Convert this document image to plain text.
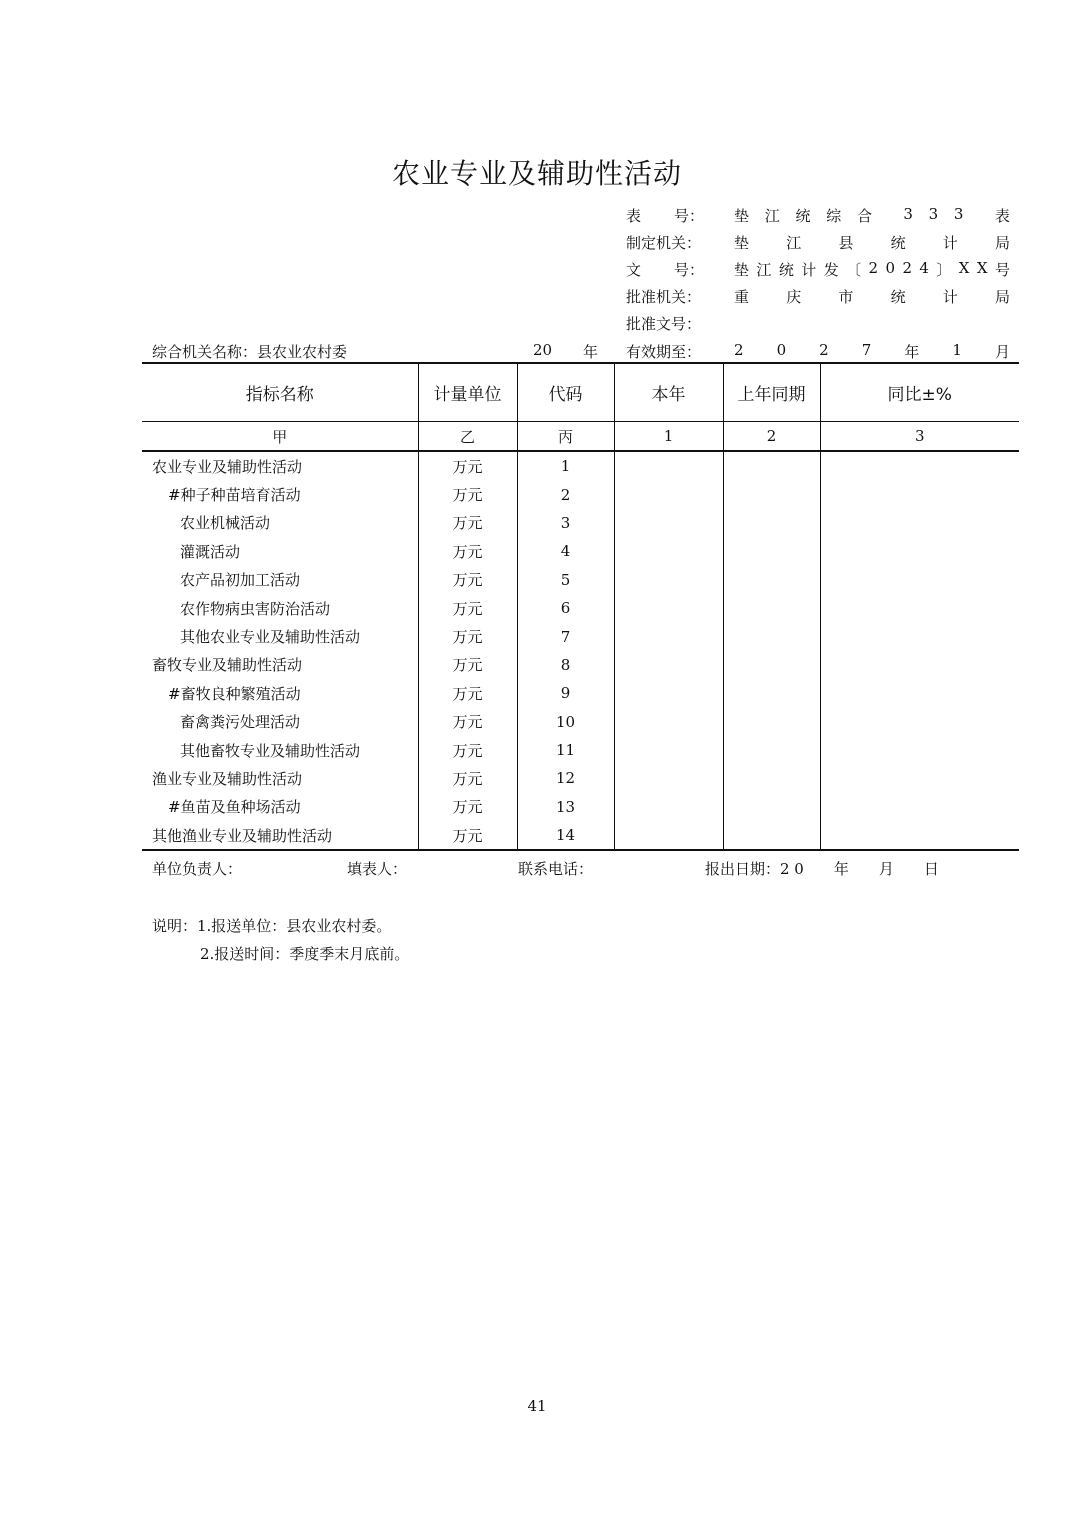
农业专业及辅助性活动
表 号： 垫 江 统 综 合 3 3 3 表
制定机关： 垫 江 县 统 计 局
文 号： 垫 江 统 计 发 〔 2 0 2 4 〕 X X 号
批准机关： 重 庆 市 统 计 局
批准文号：
有效期至： 2 0 2 7 年 1 月
综合机关名称：县农业农村委	20 年
指标名称	计量单位	代码	本年	上年同期	同比±%
甲	乙	丙	1	2	3
农业专业及辅助性活动	万元	1			
#种子种苗培育活动	万元	2			
农业机械活动	万元	3			
灌溉活动	万元	4			
农产品初加工活动	万元	5			
农作物病虫害防治活动	万元	6			
其他农业专业及辅助性活动	万元	7			
畜牧专业及辅助性活动	万元	8			
#畜牧良种繁殖活动	万元	9			
畜禽粪污处理活动	万元	10			
其他畜牧专业及辅助性活动	万元	11			
渔业专业及辅助性活动	万元	12			
#鱼苗及鱼种场活动	万元	13			
其他渔业专业及辅助性活动	万元	14			
单位负责人：	填表人：	联系电话：	报出日期：2 0　　年　　月　　日
说明：1.报送单位：县农业农村委。
2.报送时间：季度季末月底前。
41
